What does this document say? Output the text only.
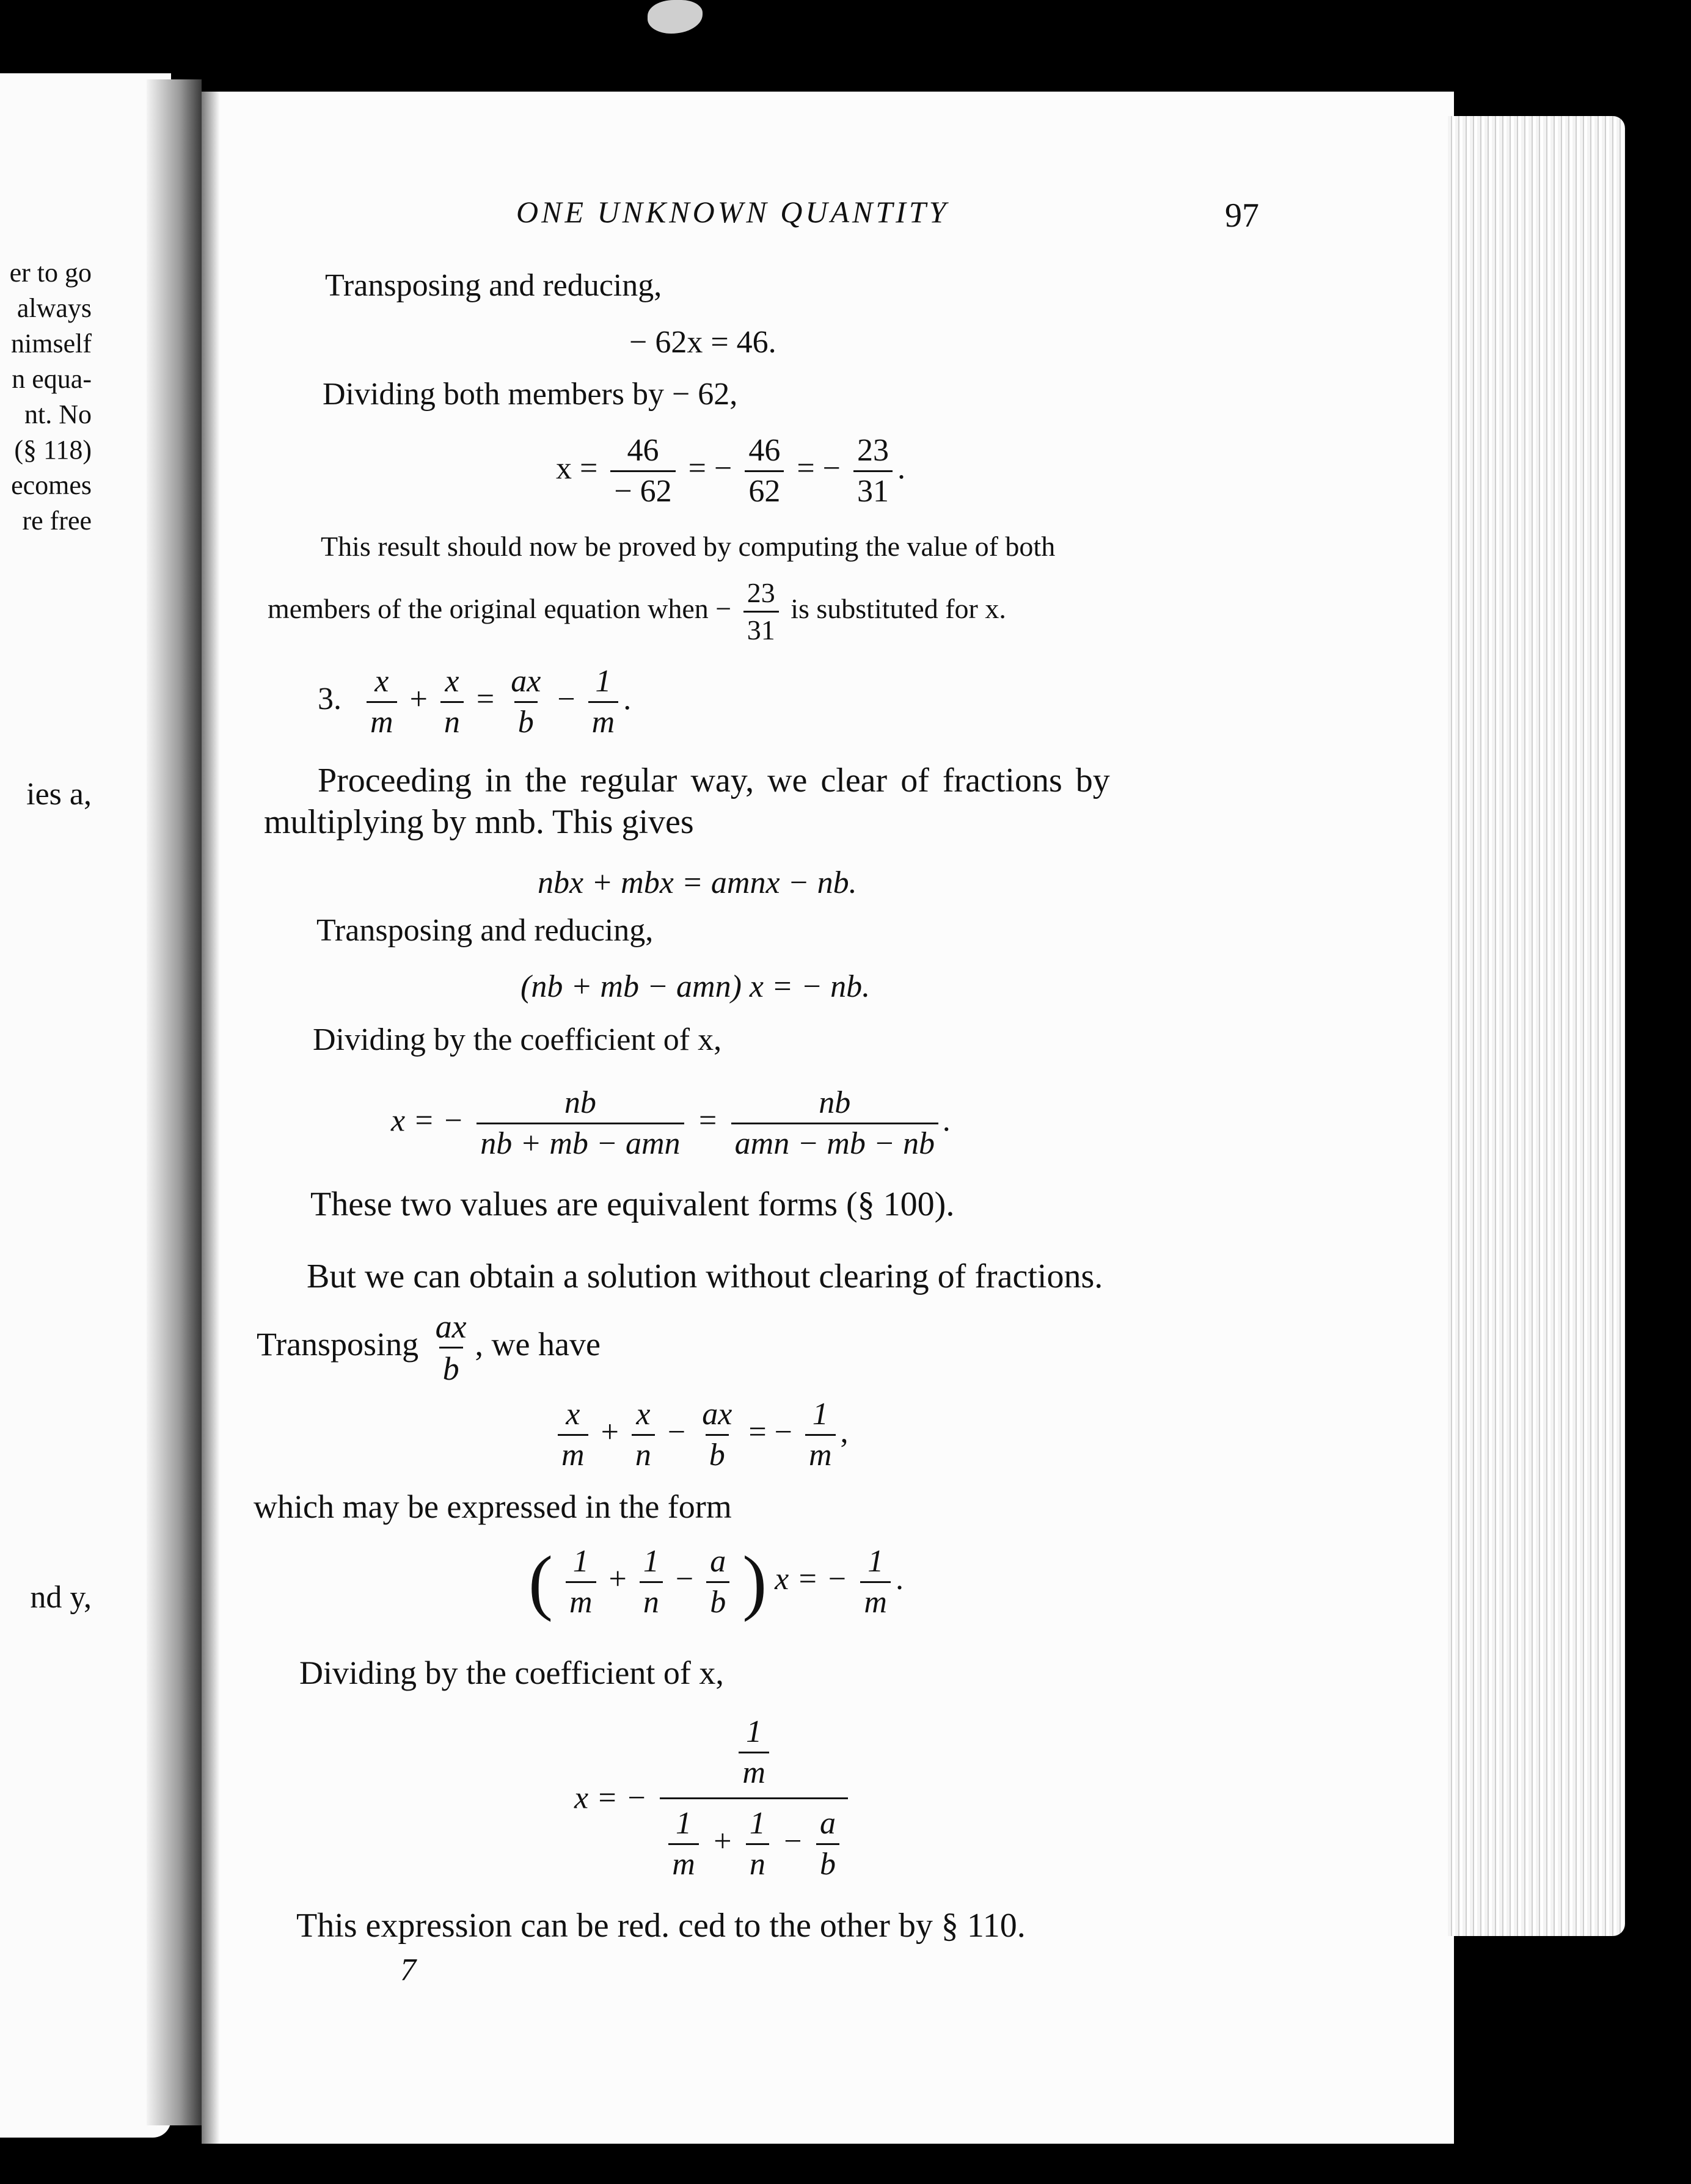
er to go
always
nimself
n equa-
nt. No
(§ 118)
ecomes
re free
ies a,
nd y,
ONE UNKNOWN QUANTITY	97
Transposing and reducing,
− 62x = 46.
Dividing both members by − 62,
$x = \frac{46}{- 62}$ = − $\frac{46}{62}$ = − $\frac{23}{31}$ .
This result should now be proved by computing the value of both
members of the original equation when − $\frac{23}{31}$ is substituted for x.
3. $\frac{x}{m} + \frac{x}{n} = \frac{ax}{b} - \frac{1}{m}$ .
Proceeding in the regular way, we clear of fractions by
multiplying by mnb. This gives
nbx + mbx = amnx − nb.
Transposing and reducing,
(nb + mb − amn) x = − nb.
Dividing by the coefficient of x,
x = − $\frac{nb}{\text{nb + mb − amn}} = \frac{nb}{\text{amn − mb − nb}}$ .
These two values are equivalent forms (§ 100).
But we can obtain a solution without clearing of fractions.
Transposing $\frac{ax}{b}$ , we have
$\frac{x}{m} + \frac{x}{n} - \frac{ax}{b}$ = − $\frac{1}{m}$ ,
which may be expressed in the form
( $\frac{1}{m} + \frac{1}{n} - \frac{a}{b}$ ) x = − $\frac{1}{m}$ .
Dividing by the coefficient of x,
x = − $\frac{\frac{1}{m}}{\frac{1}{m} + \frac{1}{n} - \frac{a}{b}}$
This expression can be red. ced to the other by § 110.
7
